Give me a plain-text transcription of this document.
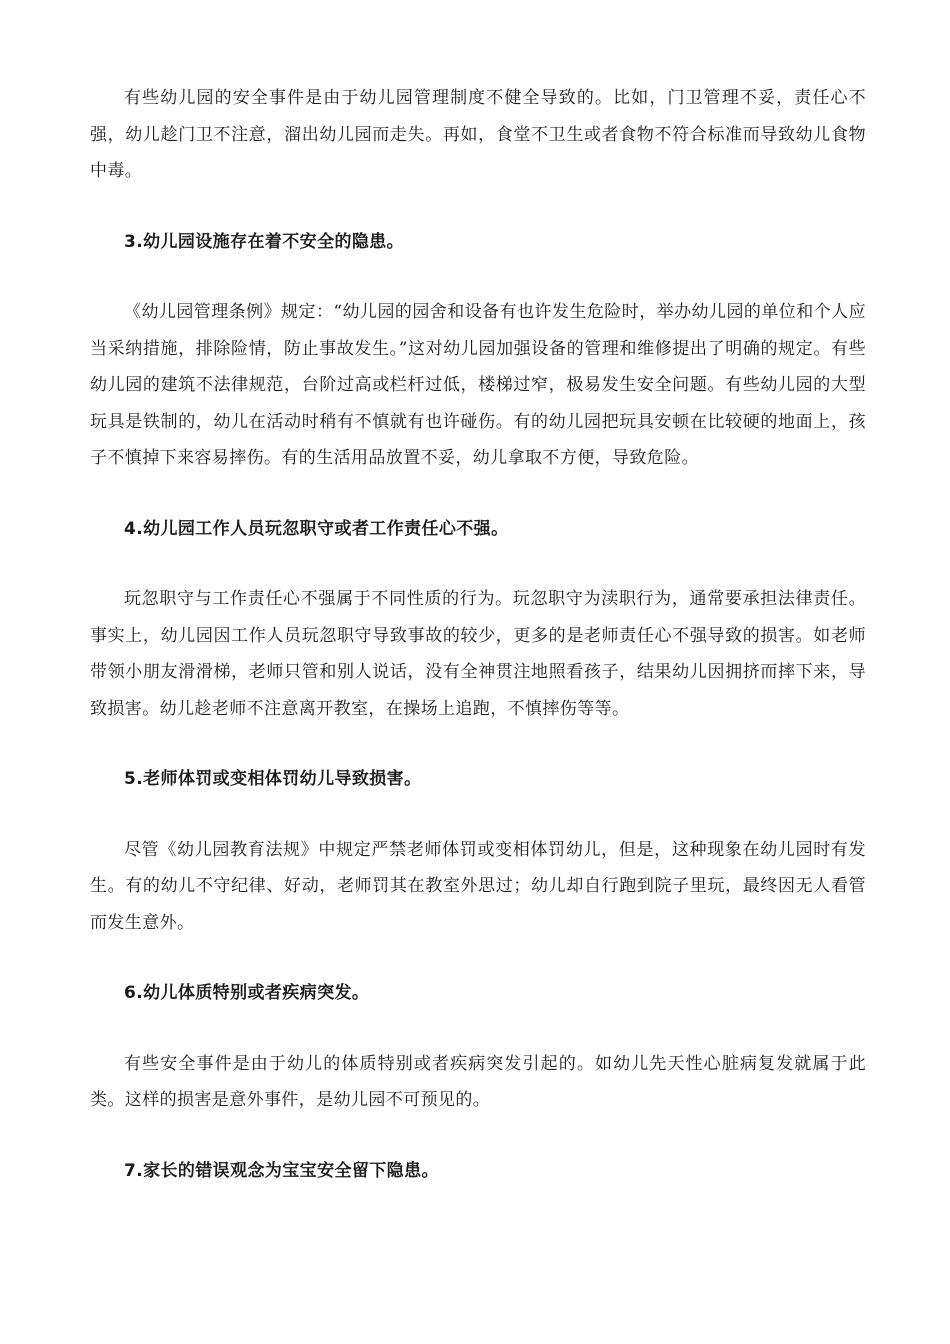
有些幼儿园的安全事件是由于幼儿园管理制度不健全导致的。比如，门卫管理不妥，责任心不强，幼儿趁门卫不注意，溜出幼儿园而走失。再如，食堂不卫生或者食物不符合标准而导致幼儿食物中毒。

3.幼儿园设施存在着不安全的隐患。

《幼儿园管理条例》规定：“幼儿园的园舍和设备有也许发生危险时，举办幼儿园的单位和个人应当采纳措施，排除险情，防止事故发生。”这对幼儿园加强设备的管理和维修提出了明确的规定。有些幼儿园的建筑不法律规范，台阶过高或栏杆过低，楼梯过窄，极易发生安全问题。有些幼儿园的大型玩具是铁制的，幼儿在活动时稍有不慎就有也许碰伤。有的幼儿园把玩具安顿在比较硬的地面上，孩子不慎掉下来容易摔伤。有的生活用品放置不妥，幼儿拿取不方便，导致危险。

4.幼儿园工作人员玩忽职守或者工作责任心不强。

玩忽职守与工作责任心不强属于不同性质的行为。玩忽职守为渎职行为，通常要承担法律责任。事实上，幼儿园因工作人员玩忽职守导致事故的较少，更多的是老师责任心不强导致的损害。如老师带领小朋友滑滑梯，老师只管和别人说话，没有全神贯注地照看孩子，结果幼儿因拥挤而摔下来，导致损害。幼儿趁老师不注意离开教室，在操场上追跑，不慎摔伤等等。

5.老师体罚或变相体罚幼儿导致损害。

尽管《幼儿园教育法规》中规定严禁老师体罚或变相体罚幼儿，但是，这种现象在幼儿园时有发生。有的幼儿不守纪律、好动，老师罚其在教室外思过；幼儿却自行跑到院子里玩，最终因无人看管而发生意外。

6.幼儿体质特别或者疾病突发。

有些安全事件是由于幼儿的体质特别或者疾病突发引起的。如幼儿先天性心脏病复发就属于此类。这样的损害是意外事件，是幼儿园不可预见的。

7.家长的错误观念为宝宝安全留下隐患。
